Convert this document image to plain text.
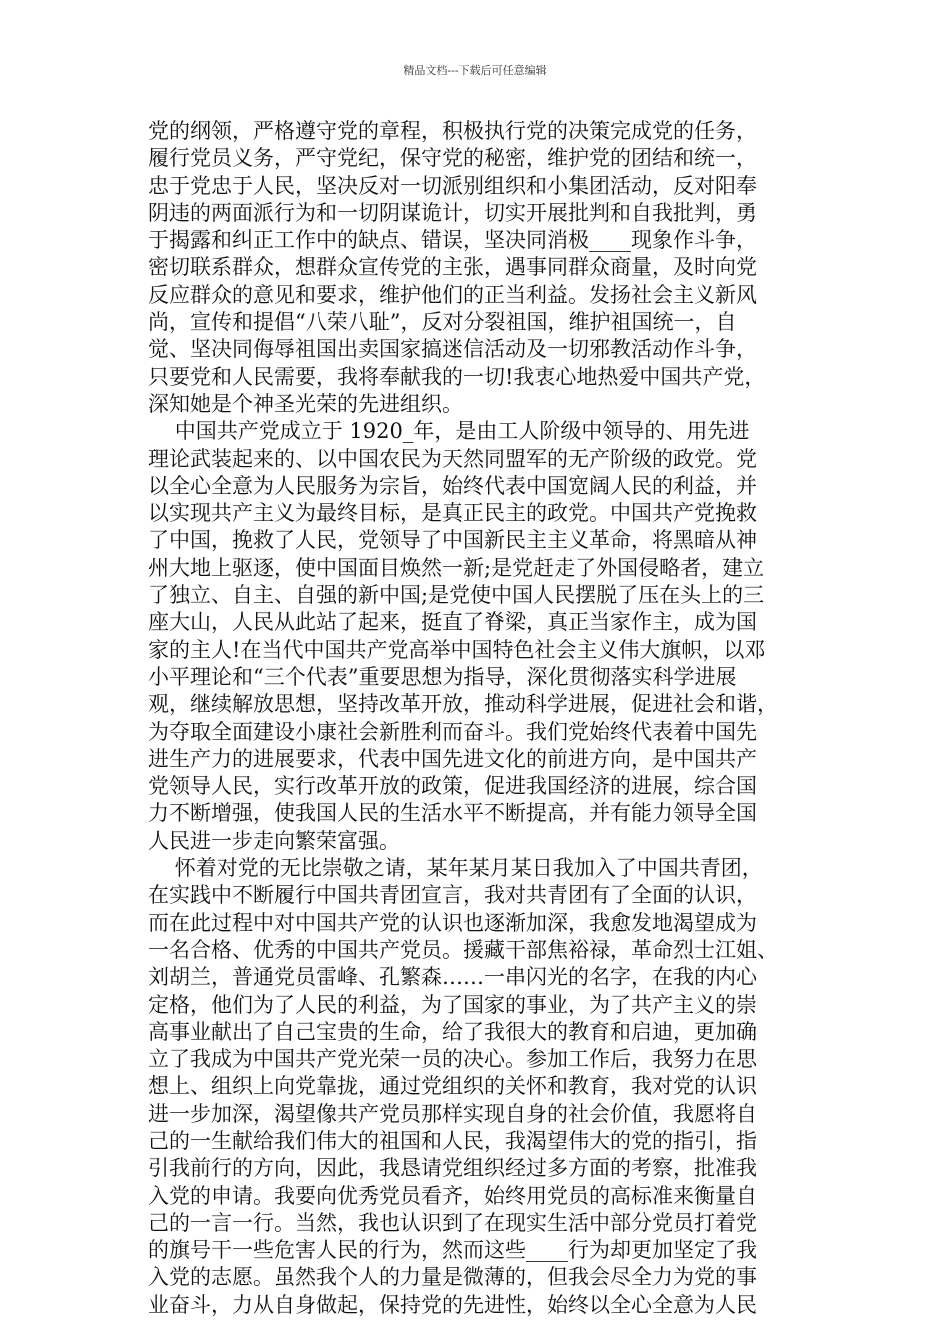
精品文档---下载后可任意编辑
党的纲领，严格遵守党的章程，积极执行党的决策完成党的任务，
履行党员义务，严守党纪，保守党的秘密，维护党的团结和统一，
忠于党忠于人民，坚决反对一切派别组织和小集团活动，反对阳奉
阴违的两面派行为和一切阴谋诡计，切实开展批判和自我批判，勇
于揭露和纠正工作中的缺点、错误，坚决同消极____现象作斗争，
密切联系群众，想群众宣传党的主张，遇事同群众商量，及时向党
反应群众的意见和要求，维护他们的正当利益。发扬社会主义新风
尚，宣传和提倡“八荣八耻”，反对分裂祖国，维护祖国统一，自
觉、坚决同侮辱祖国出卖国家搞迷信活动及一切邪教活动作斗争，
只要党和人民需要，我将奉献我的一切!我衷心地热爱中国共产党，
深知她是个神圣光荣的先进组织。
中国共产党成立于 1920_年，是由工人阶级中领导的、用先进
理论武装起来的、以中国农民为天然同盟军的无产阶级的政党。党
以全心全意为人民服务为宗旨，始终代表中国宽阔人民的利益，并
以实现共产主义为最终目标，是真正民主的政党。中国共产党挽救
了中国，挽救了人民，党领导了中国新民主主义革命，将黑暗从神
州大地上驱逐，使中国面目焕然一新;是党赶走了外国侵略者，建立
了独立、自主、自强的新中国;是党使中国人民摆脱了压在头上的三
座大山，人民从此站了起来，挺直了脊梁，真正当家作主，成为国
家的主人!在当代中国共产党高举中国特色社会主义伟大旗帜，以邓
小平理论和“三个代表”重要思想为指导，深化贯彻落实科学进展
观，继续解放思想，坚持改革开放，推动科学进展，促进社会和谐，
为夺取全面建设小康社会新胜利而奋斗。我们党始终代表着中国先
进生产力的进展要求，代表中国先进文化的前进方向，是中国共产
党领导人民，实行改革开放的政策，促进我国经济的进展，综合国
力不断增强，使我国人民的生活水平不断提高，并有能力领导全国
人民进一步走向繁荣富强。
怀着对党的无比崇敬之请，某年某月某日我加入了中国共青团，
在实践中不断履行中国共青团宣言，我对共青团有了全面的认识，
而在此过程中对中国共产党的认识也逐渐加深，我愈发地渴望成为
一名合格、优秀的中国共产党员。援藏干部焦裕禄，革命烈士江姐、
刘胡兰，普通党员雷峰、孔繁森……一串闪光的名字，在我的内心
定格，他们为了人民的利益，为了国家的事业，为了共产主义的崇
高事业献出了自己宝贵的生命，给了我很大的教育和启迪，更加确
立了我成为中国共产党光荣一员的决心。参加工作后，我努力在思
想上、组织上向党靠拢，通过党组织的关怀和教育，我对党的认识
进一步加深，渴望像共产党员那样实现自身的社会价值，我愿将自
己的一生献给我们伟大的祖国和人民，我渴望伟大的党的指引，指
引我前行的方向，因此，我恳请党组织经过多方面的考察，批准我
入党的申请。我要向优秀党员看齐，始终用党员的高标准来衡量自
己的一言一行。当然，我也认识到了在现实生活中部分党员打着党
的旗号干一些危害人民的行为，然而这些____行为却更加坚定了我
入党的志愿。虽然我个人的力量是微薄的，但我会尽全力为党的事
业奋斗，力从自身做起，保持党的先进性，始终以全心全意为人民
